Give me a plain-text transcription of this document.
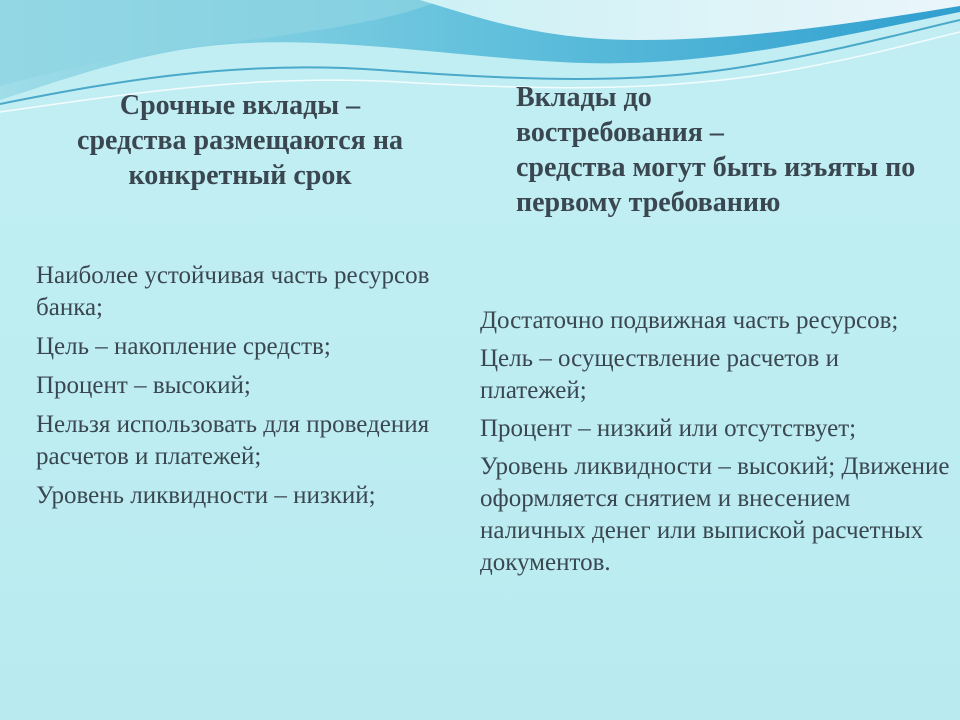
Срочные вклады –
средства размещаются на конкретный срок
Наиболее устойчивая часть ресурсов банка;
Цель – накопление средств;
Процент – высокий;
Нельзя использовать для проведения расчетов и платежей;
Уровень ликвидности – низкий;
Вклады до
востребования –
средства могут быть изъяты по первому требованию
Достаточно подвижная часть ресурсов;
Цель – осуществление расчетов и платежей;
Процент – низкий или отсутствует;
Уровень ликвидности – высокий; Движение оформляется снятием и внесением наличных денег или выпиской расчетных документов.
